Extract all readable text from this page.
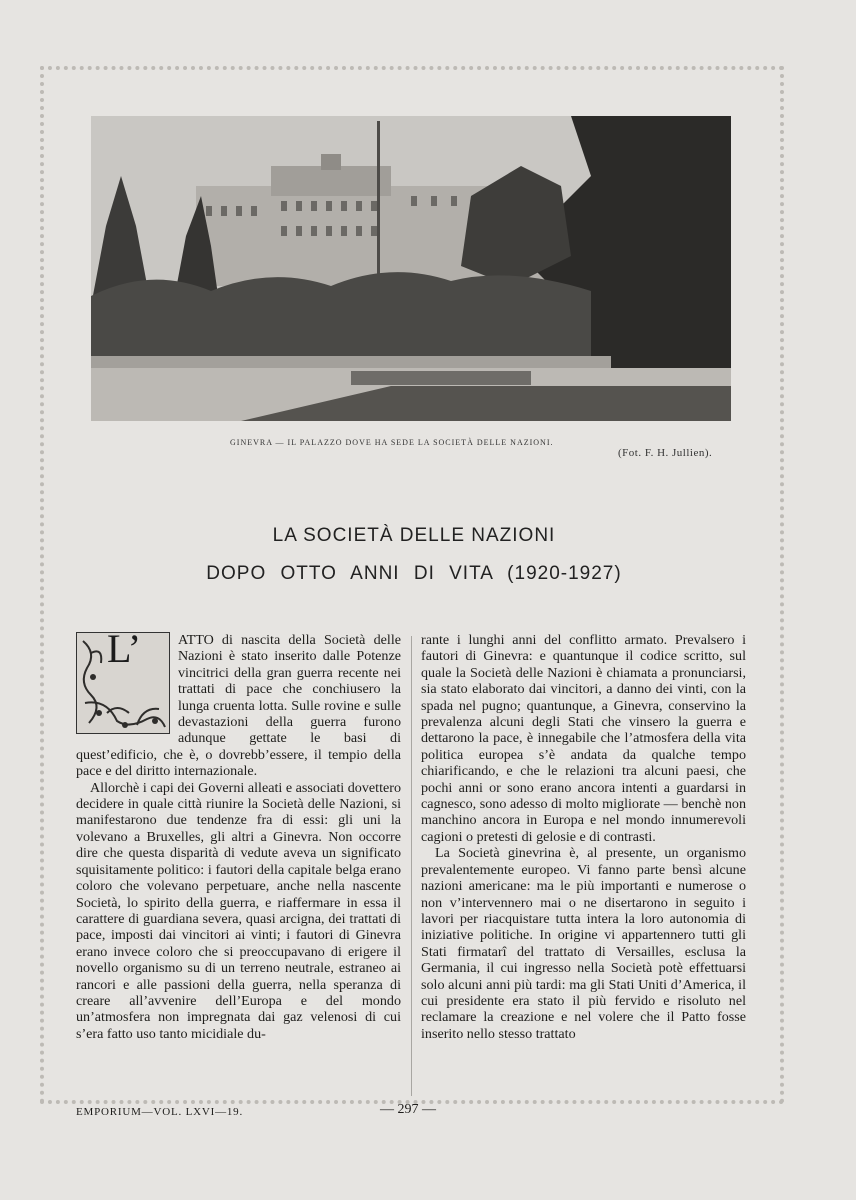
GINEVRA — IL PALAZZO DOVE HA SEDE LA SOCIETÀ DELLE NAZIONI.
(Fot. F. H. Jullien).
LA SOCIETÀ DELLE NAZIONI
DOPO OTTO ANNI DI VITA (1920-1927)
L’	ATTO di nascita della Società delle Nazioni è stato inserito dalle Potenze vincitrici della gran guerra recente nei trattati di pace che conchiusero la lunga cruenta lotta. Sulle rovine e sulle devastazioni della guerra furono adunque gettate le basi di quest’edificio, che è, o dovrebb’essere, il tempio della pace e del diritto internazionale.

Allorchè i capi dei Governi alleati e associati dovettero decidere in quale città riunire la Società delle Nazioni, si manifestarono due tendenze fra di essi: gli uni la volevano a Bruxelles, gli altri a Ginevra. Non occorre dire che questa disparità di vedute aveva un significato squisitamente politico: i fautori della capitale belga erano coloro che volevano perpetuare, anche nella nascente Società, lo spirito della guerra, e riaffermare in essa il carattere di guardiana severa, quasi arcigna, dei trattati di pace, imposti dai vincitori ai vinti; i fautori di Ginevra erano invece coloro che si preoccupavano di erigere il novello organismo su di un terreno neutrale, estraneo ai rancori e alle passioni della guerra, nella speranza di creare all’avvenire dell’Europa e del mondo un’atmosfera non impregnata dai gaz velenosi di cui s’era fatto uso tanto micidiale du-

rante i lunghi anni del conflitto armato. Prevalsero i fautori di Ginevra: e quantunque il codice scritto, sul quale la Società delle Nazioni è chiamata a pronunciarsi, sia stato elaborato dai vincitori, a danno dei vinti, con la spada nel pugno; quantunque, a Ginevra, conservino la prevalenza alcuni degli Stati che vinsero la guerra e dettarono la pace, è innegabile che l’atmosfera della vita politica europea s’è andata da qualche tempo chiarificando, e che le relazioni tra alcuni paesi, che pochi anni or sono erano ancora intenti a guardarsi in cagnesco, sono adesso di molto migliorate — benchè non manchino ancora in Europa e nel mondo innumerevoli cagioni o pretesti di gelosie e di contrasti.

La Società ginevrina è, al presente, un organismo prevalentemente europeo. Vi fanno parte bensì alcune nazioni americane: ma le più importanti e numerose o non v’intervennero mai o ne disertarono in seguito i lavori per riacquistare tutta intera la loro autonomia di iniziative politiche. In origine vi appartennero tutti gli Stati firmatarî del trattato di Versailles, esclusa la Germania, il cui ingresso nella Società potè effettuarsi solo alcuni anni più tardi: ma gli Stati Uniti d’America, il cui presidente era stato il più fervido e risoluto nel reclamare la creazione e nel volere che il Patto fosse inserito nello stesso trattato

EMPORIUM—VOL. LXVI—19.	— 297 —
